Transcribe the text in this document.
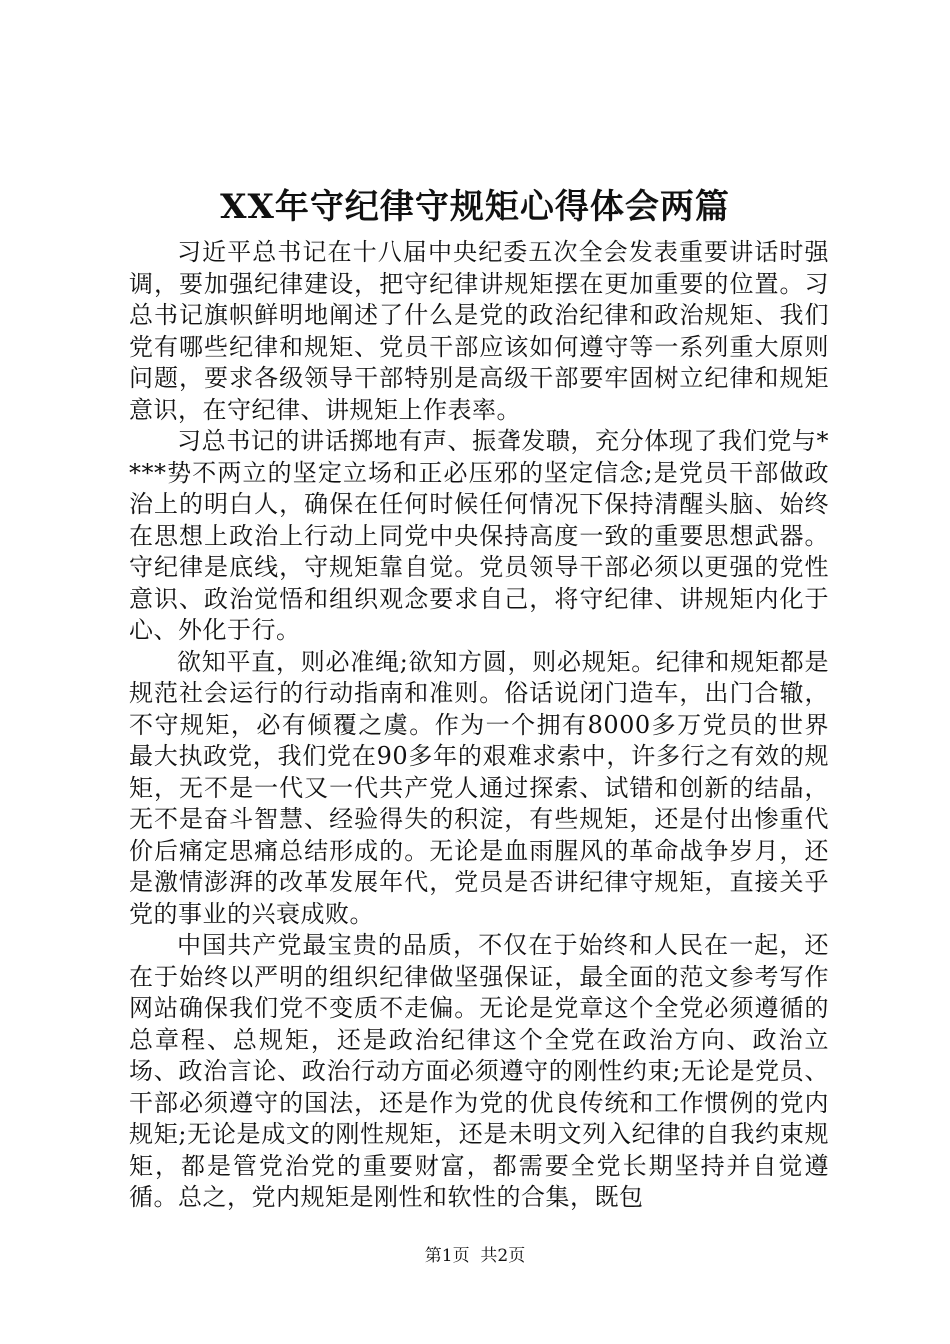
XX年守纪律守规矩心得体会两篇

习近平总书记在十八届中央纪委五次全会发表重要讲话时强调，要加强纪律建设，把守纪律讲规矩摆在更加重要的位置。习总书记旗帜鲜明地阐述了什么是党的政治纪律和政治规矩、我们党有哪些纪律和规矩、党员干部应该如何遵守等一系列重大原则问题，要求各级领导干部特别是高级干部要牢固树立纪律和规矩意识，在守纪律、讲规矩上作表率。

习总书记的讲话掷地有声、振聋发聩，充分体现了我们党与****势不两立的坚定立场和正必压邪的坚定信念;是党员干部做政治上的明白人，确保在任何时候任何情况下保持清醒头脑、始终在思想上政治上行动上同党中央保持高度一致的重要思想武器。守纪律是底线，守规矩靠自觉。党员领导干部必须以更强的党性意识、政治觉悟和组织观念要求自己，将守纪律、讲规矩内化于心、外化于行。

欲知平直，则必准绳;欲知方圆，则必规矩。纪律和规矩都是规范社会运行的行动指南和准则。俗话说闭门造车，出门合辙，不守规矩，必有倾覆之虞。作为一个拥有8000多万党员的世界最大执政党，我们党在90多年的艰难求索中，许多行之有效的规矩，无不是一代又一代共产党人通过探索、试错和创新的结晶，无不是奋斗智慧、经验得失的积淀，有些规矩，还是付出惨重代价后痛定思痛总结形成的。无论是血雨腥风的革命战争岁月，还是激情澎湃的改革发展年代，党员是否讲纪律守规矩，直接关乎党的事业的兴衰成败。

中国共产党最宝贵的品质，不仅在于始终和人民在一起，还在于始终以严明的组织纪律做坚强保证，最全面的范文参考写作网站确保我们党不变质不走偏。无论是党章这个全党必须遵循的总章程、总规矩，还是政治纪律这个全党在政治方向、政治立场、政治言论、政治行动方面必须遵守的刚性约束;无论是党员、干部必须遵守的国法，还是作为党的优良传统和工作惯例的党内规矩;无论是成文的刚性规矩，还是未明文列入纪律的自我约束规矩，都是管党治党的重要财富，都需要全党长期坚持并自觉遵循。总之，党内规矩是刚性和软性的合集，既包

第1页 共2页
